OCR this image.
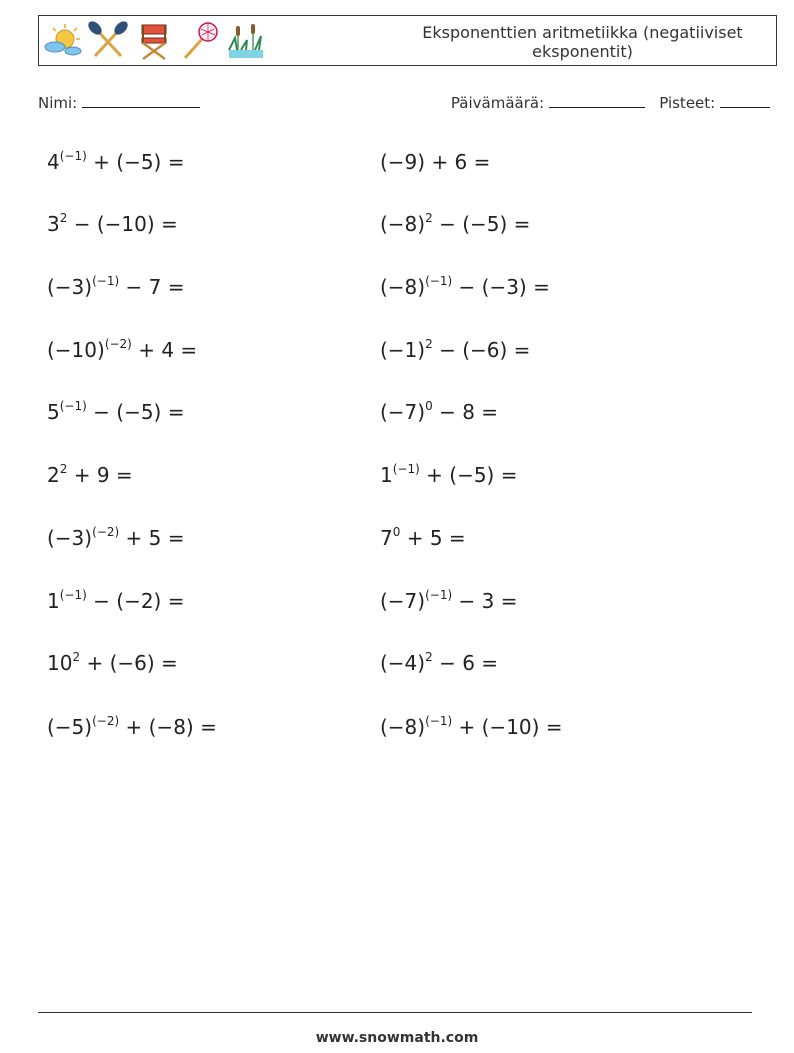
Eksponenttien aritmetiikka (negatiiviset eksponentit)
Nimi:	Päivämäärä:	Pisteet:
$4^{(-1)} + (-5)$ =	(−9) + 6 =
$3^2 - (-10)$ =	$(-8)^2 - (-5)$ =
$(-3)^{(-1)} - 7$ =	$(-8)^{(-1)} - (-3)$ =
$(-10)^{(-2)} + 4$ =	$(-1)^2 - (-6)$ =
$5^{(-1)} - (-5)$ =	$(-7)^0 - 8$ =
$2^2 + 9$ =	$1^{(-1)} + (-5)$ =
$(-3)^{(-2)} + 5$ =	$7^0 + 5$ =
$1^{(-1)} - (-2)$ =	$(-7)^{(-1)} - 3$ =
$10^2 + (-6)$ =	$(-4)^2 - 6$ =
$(-5)^{(-2)} + (-8)$ =	$(-8)^{(-1)} + (-10)$ =
www.snowmath.com
